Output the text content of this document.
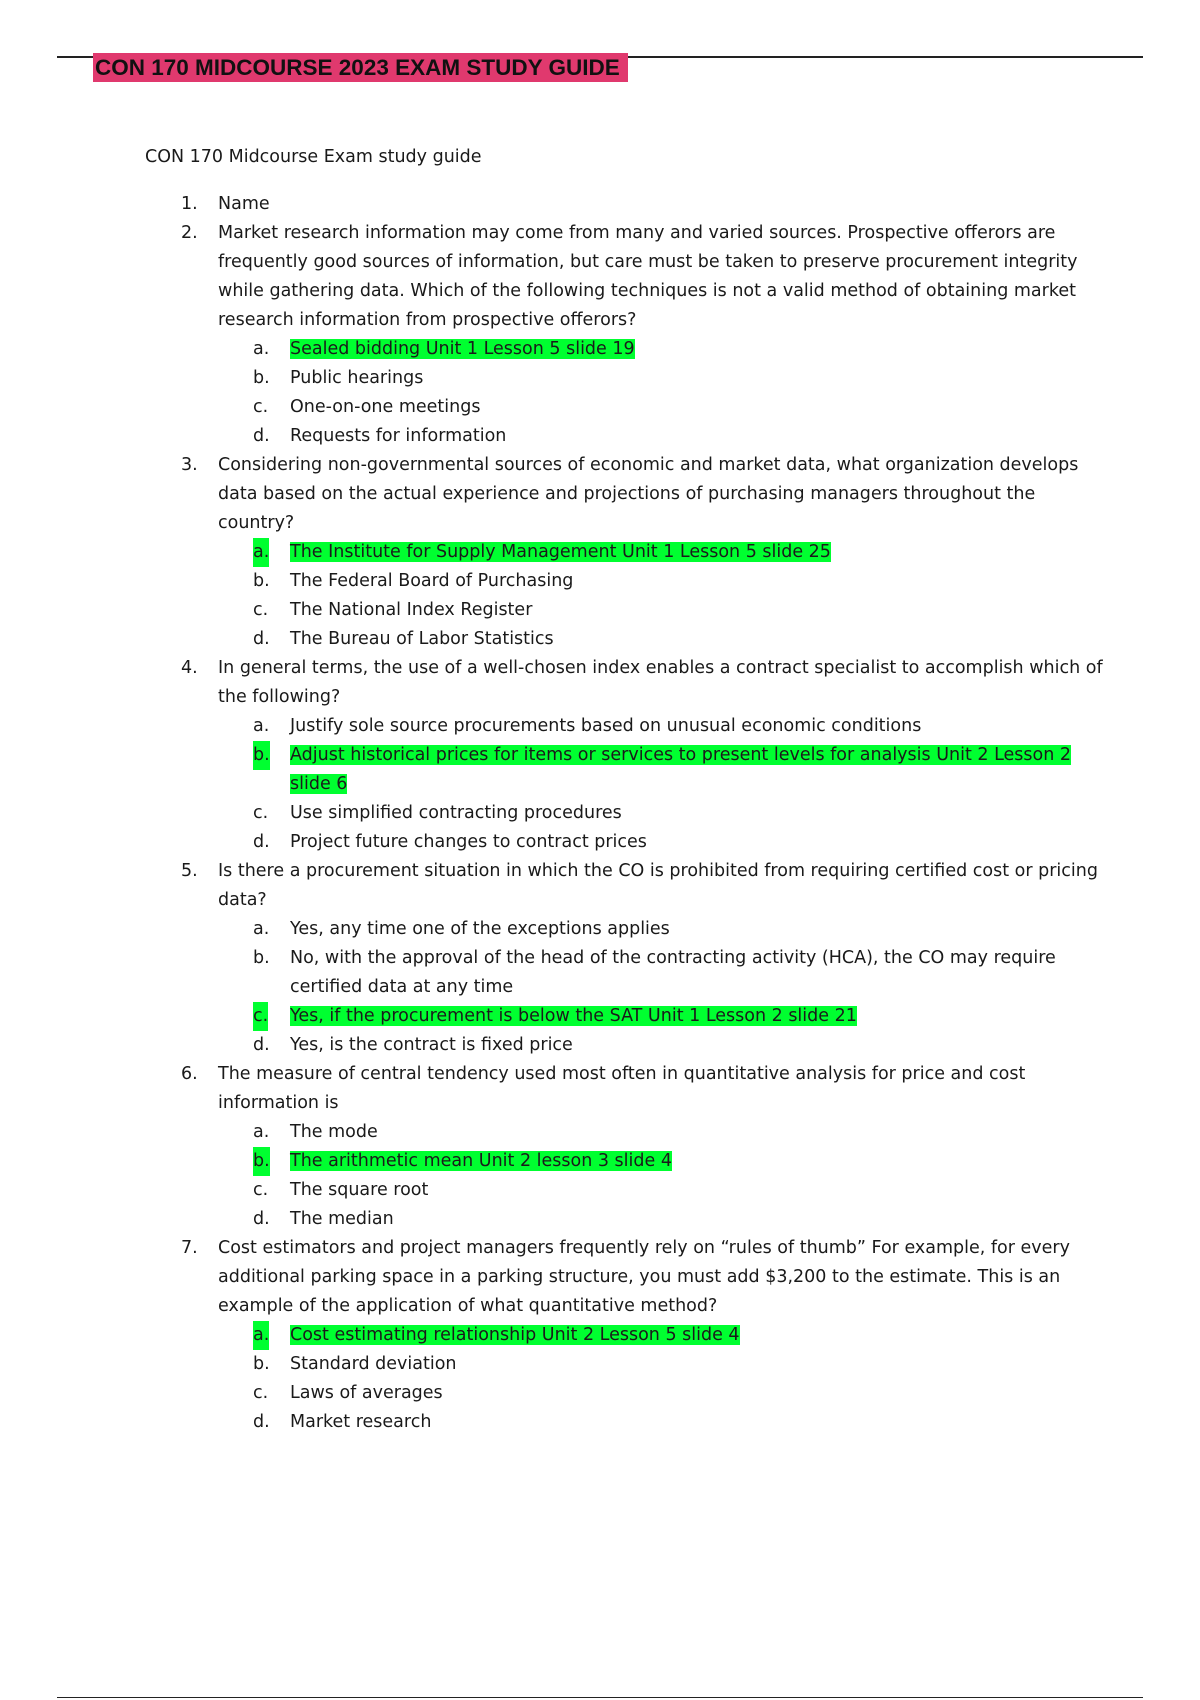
CON 170 MIDCOURSE 2023 EXAM STUDY GUIDE
CON 170 Midcourse Exam study guide
1. Name
2. Market research information may come from many and varied sources. Prospective offerors are frequently good sources of information, but care must be taken to preserve procurement integrity while gathering data. Which of the following techniques is not a valid method of obtaining market research information from prospective offerors?
a. Sealed bidding Unit 1 Lesson 5 slide 19
b. Public hearings
c. One-on-one meetings
d. Requests for information
3. Considering non-governmental sources of economic and market data, what organization develops data based on the actual experience and projections of purchasing managers throughout the country?
a. The Institute for Supply Management Unit 1 Lesson 5 slide 25
b. The Federal Board of Purchasing
c. The National Index Register
d. The Bureau of Labor Statistics
4. In general terms, the use of a well-chosen index enables a contract specialist to accomplish which of the following?
a. Justify sole source procurements based on unusual economic conditions
b. Adjust historical prices for items or services to present levels for analysis Unit 2 Lesson 2 slide 6
c. Use simplified contracting procedures
d. Project future changes to contract prices
5. Is there a procurement situation in which the CO is prohibited from requiring certified cost or pricing data?
a. Yes, any time one of the exceptions applies
b. No, with the approval of the head of the contracting activity (HCA), the CO may require certified data at any time
c. Yes, if the procurement is below the SAT Unit 1 Lesson 2 slide 21
d. Yes, is the contract is fixed price
6. The measure of central tendency used most often in quantitative analysis for price and cost information is
a. The mode
b. The arithmetic mean Unit 2 lesson 3 slide 4
c. The square root
d. The median
7. Cost estimators and project managers frequently rely on “rules of thumb” For example, for every additional parking space in a parking structure, you must add $3,200 to the estimate. This is an example of the application of what quantitative method?
a. Cost estimating relationship Unit 2 Lesson 5 slide 4
b. Standard deviation
c. Laws of averages
d. Market research
